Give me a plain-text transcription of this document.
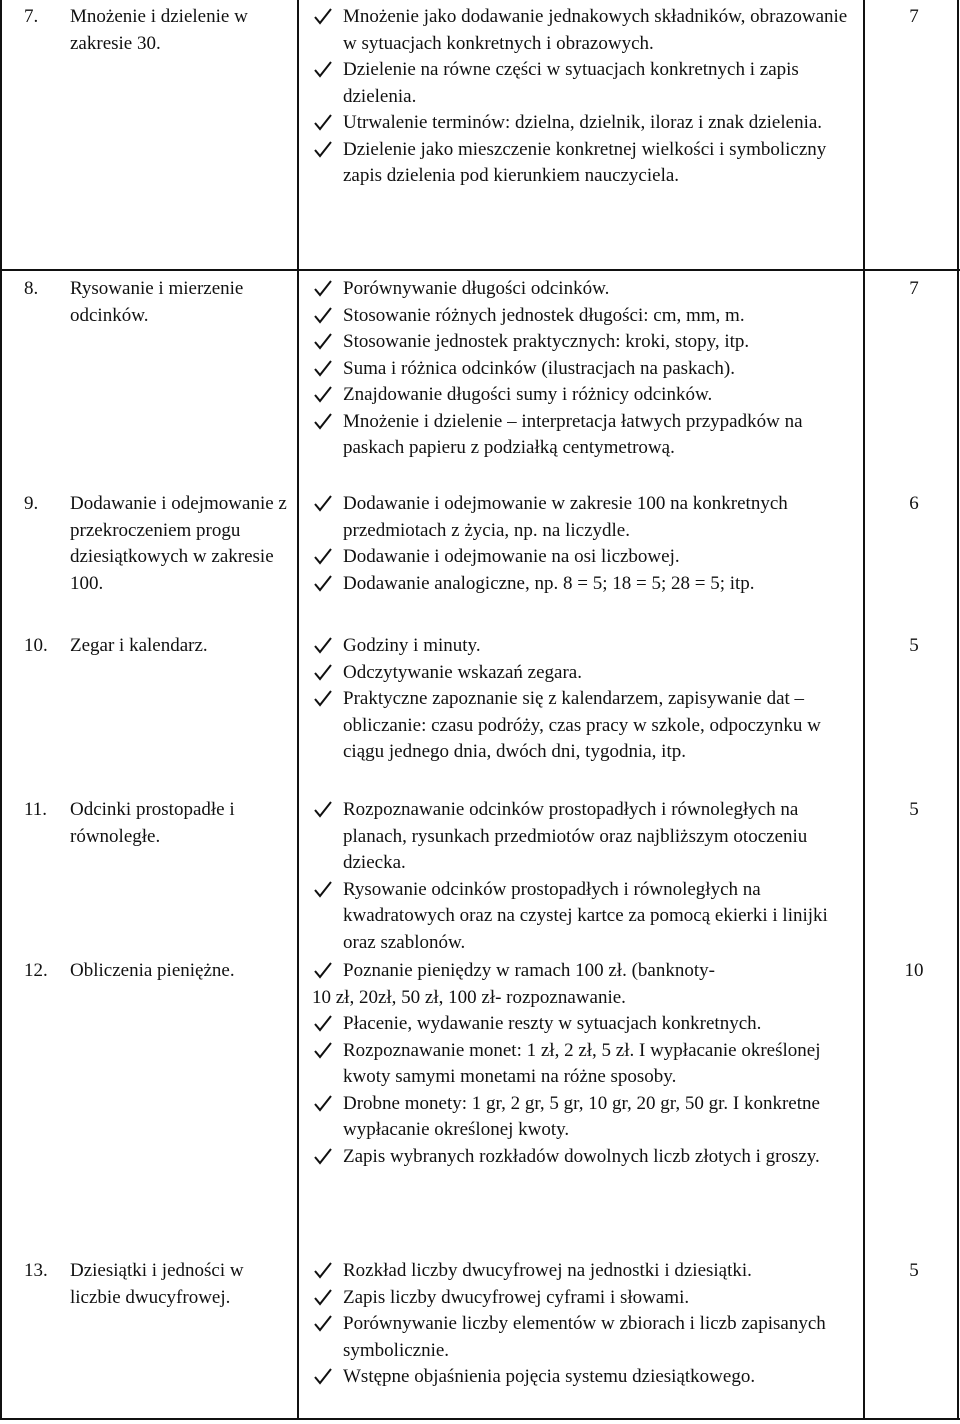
7. Mnożenie i dzielenie w zakresie 30.
Mnożenie jako dodawanie jednakowych składników, obrazowanie w sytuacjach konkretnych i obrazowych.
Dzielenie na równe części w sytuacjach konkretnych i zapis dzielenia.
Utrwalenie terminów: dzielna, dzielnik, iloraz i znak dzielenia.
Dzielenie jako mieszczenie konkretnej wielkości i symboliczny zapis dzielenia pod kierunkiem nauczyciela.
7
8. Rysowanie i mierzenie odcinków.
Porównywanie długości odcinków.
Stosowanie różnych jednostek długości: cm, mm, m.
Stosowanie jednostek praktycznych: kroki, stopy, itp.
Suma i różnica odcinków (ilustracjach na paskach).
Znajdowanie długości sumy i różnicy odcinków.
Mnożenie i dzielenie – interpretacja łatwych przypadków na paskach papieru z podziałką centymetrową.
7
9. Dodawanie i odejmowanie z przekroczeniem progu dziesiątkowych w zakresie 100.
Dodawanie i odejmowanie w zakresie 100 na konkretnych przedmiotach z życia, np. na liczydle.
Dodawanie i odejmowanie na osi liczbowej.
Dodawanie analogiczne, np. 8 = 5; 18 = 5; 28 = 5; itp.
6
10. Zegar i kalendarz.	Godziny i minuty.
Odczytywanie wskazań zegara.
Praktyczne zapoznanie się z kalendarzem, zapisywanie dat – obliczanie: czasu podróży, czas pracy w szkole, odpoczynku w ciągu jednego dnia, dwóch dni, tygodnia, itp.
5
11. Odcinki prostopadłe i równoległe.
Rozpoznawanie odcinków prostopadłych i równoległych na planach, rysunkach przedmiotów oraz najbliższym otoczeniu dziecka.
Rysowanie odcinków prostopadłych i równoległych na kwadratowych oraz na czystej kartce za pomocą ekierki i linijki oraz szablonów.
5
12. Obliczenia pieniężne.	Poznanie pieniędzy w ramach 100 zł. (banknoty-
10 zł, 20zł, 50 zł, 100 zł- rozpoznawanie.
Płacenie, wydawanie reszty w sytuacjach konkretnych.
Rozpoznawanie monet: 1 zł, 2 zł, 5 zł. I wypłacanie określonej kwoty samymi monetami na różne sposoby.
Drobne monety: 1 gr, 2 gr, 5 gr, 10 gr, 20 gr, 50 gr. I konkretne wypłacanie określonej kwoty.
Zapis wybranych rozkładów dowolnych liczb złotych i groszy.
10
13. Dziesiątki i jedności w liczbie dwucyfrowej.
Rozkład liczby dwucyfrowej na jednostki i dziesiątki.
Zapis liczby dwucyfrowej cyframi i słowami.
Porównywanie liczby elementów w zbiorach i liczb zapisanych symbolicznie.
Wstępne objaśnienia pojęcia systemu dziesiątkowego.
5
